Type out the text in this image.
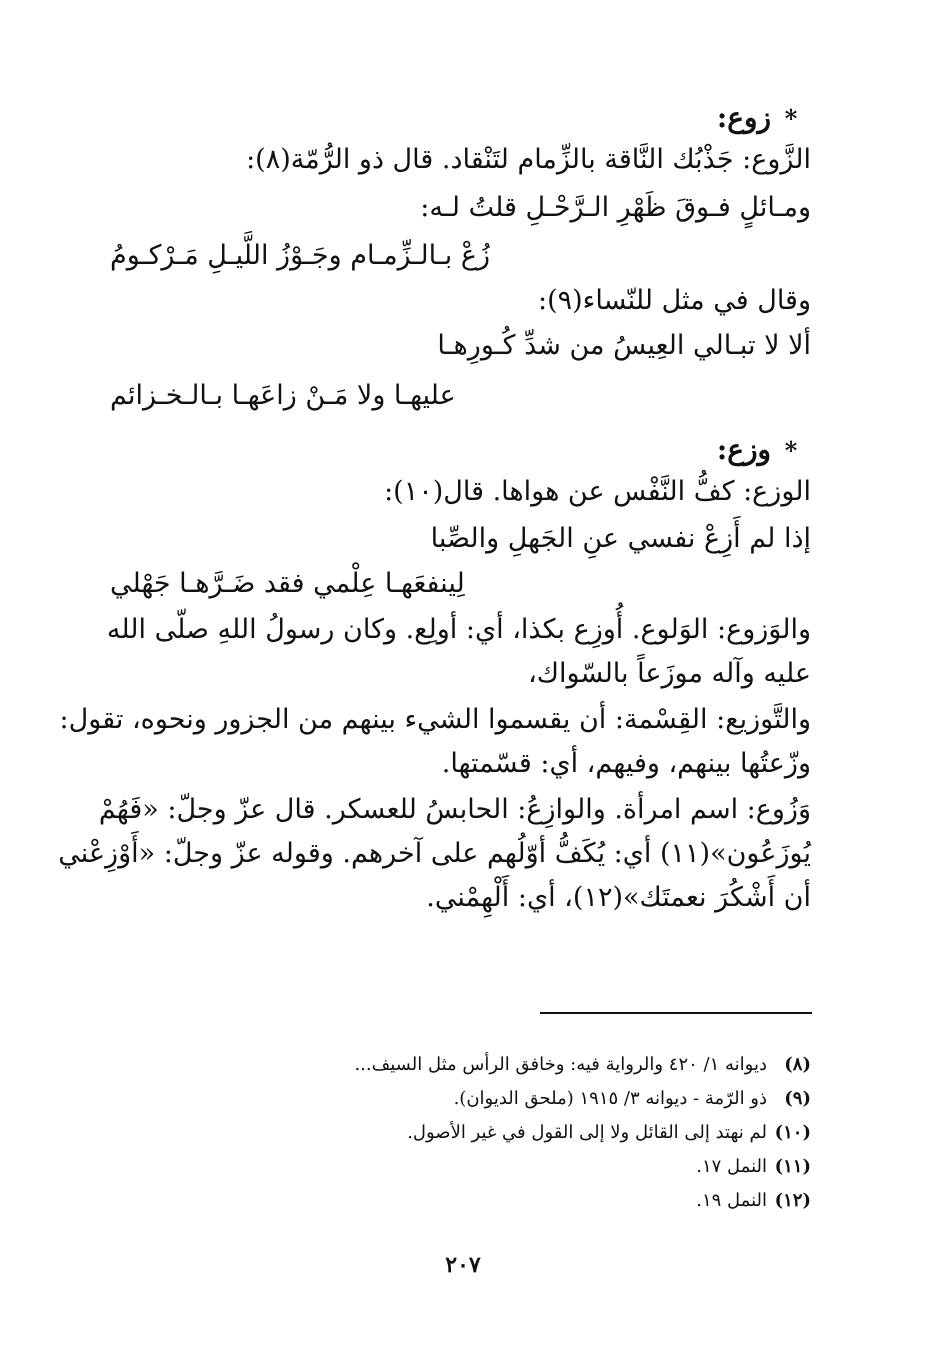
*زوع:
الزَّوع: جَذْبُك النَّاقة بالزِّمام لتَنْقاد. قال ذو الرُّمّة(٨):
ومـائلٍ فـوقَ ظَهْرِ الـرَّحْـلِ قلتُ لـه:
زُعْ بـالـزِّمـام وجَـوْزُ اللَّيـلِ مَـرْكـومُ
وقال في مثل للنّساء(٩):
ألا لا تبـالي العِيسُ من شدِّ كُـورِهـا
عليهـا ولا مَـنْ زاعَهـا بـالـخـزائم
*وزع:
الوزع: كفُّ النَّفْس عن هواها. قال(١٠):
إذا لم أَزِعْ نفسي عنِ الجَهلِ والصِّبا
لِينفعَهـا عِلْمي فقد ضَـرَّهـا جَهْلي
والوَزوع: الوَلوع. أُوزِع بكذا، أي: أولِع. وكان رسولُ اللهِ صلّى الله
عليه وآله موزَعاً بالسّواك،
والتَّوزيع: القِسْمة: أن يقسموا الشيء بينهم من الجزور ونحوه، تقول:
وزّعتُها بينهم، وفيهم، أي: قسّمتها.
وَزُوع: اسم امرأة. والوازِعُ: الحابسُ للعسكر. قال عزّ وجلّ: «فَهُمْ
يُوزَعُون»(١١) أي: يُكَفُّ أوّلُهم على آخرهم. وقوله عزّ وجلّ: «أَوْزِعْني
أن أَشْكُرَ نعمتَك»(١٢)، أي: أَلْهِمْني.
(٨)ديوانه ١/ ٤٢٠ والرواية فيه: وخافق الرأس مثل السيف...
(٩)ذو الرّمة - ديوانه ٣/ ١٩١٥ (ملحق الديوان).
(١٠)لم نهتد إلى القائل ولا إلى القول في غير الأصول.
(١١)النمل ١٧.
(١٢)النمل ١٩.
٢٠٧
